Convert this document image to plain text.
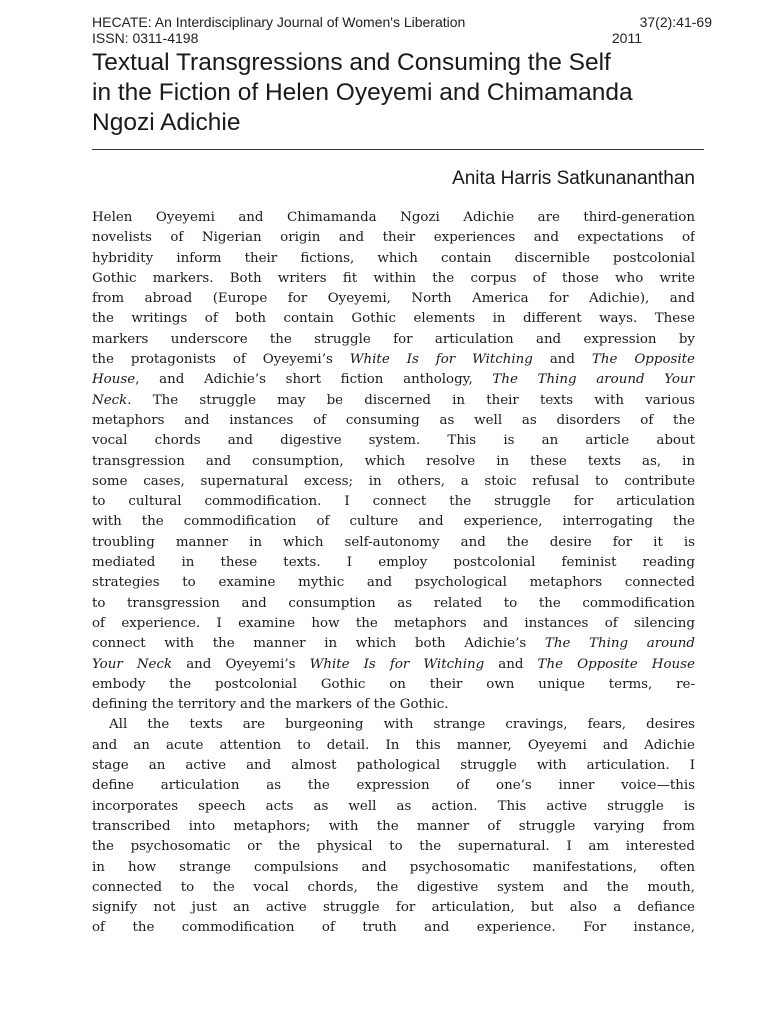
HECATE: An Interdisciplinary Journal of Women's Liberation	37(2):41-69
ISSN: 0311-4198	2011
Textual Transgressions and Consuming the Self
in the Fiction of Helen Oyeyemi and Chimamanda
Ngozi Adichie
Anita Harris Satkunananthan
Helen Oyeyemi and Chimamanda Ngozi Adichie are third-generation
novelists of Nigerian origin and their experiences and expectations of
hybridity inform their fictions, which contain discernible postcolonial
Gothic markers. Both writers fit within the corpus of those who write
from abroad (Europe for Oyeyemi, North America for Adichie), and
the writings of both contain Gothic elements in different ways. These
markers underscore the struggle for articulation and expression by
the protagonists of Oyeyemi’s White Is for Witching and The Opposite
House, and Adichie’s short fiction anthology, The Thing around Your
Neck. The struggle may be discerned in their texts with various
metaphors and instances of consuming as well as disorders of the
vocal chords and digestive system. This is an article about
transgression and consumption, which resolve in these texts as, in
some cases, supernatural excess; in others, a stoic refusal to contribute
to cultural commodification. I connect the struggle for articulation
with the commodification of culture and experience, interrogating the
troubling manner in which self-autonomy and the desire for it is
mediated in these texts. I employ postcolonial feminist reading
strategies to examine mythic and psychological metaphors connected
to transgression and consumption as related to the commodification
of experience. I examine how the metaphors and instances of silencing
connect with the manner in which both Adichie’s The Thing around
Your Neck and Oyeyemi’s White Is for Witching and The Opposite House
embody the postcolonial Gothic on their own unique terms, re-
defining the territory and the markers of the Gothic.
All the texts are burgeoning with strange cravings, fears, desires
and an acute attention to detail. In this manner, Oyeyemi and Adichie
stage an active and almost pathological struggle with articulation. I
define articulation as the expression of one’s inner voice—this
incorporates speech acts as well as action. This active struggle is
transcribed into metaphors; with the manner of struggle varying from
the psychosomatic or the physical to the supernatural. I am interested
in how strange compulsions and psychosomatic manifestations, often
connected to the vocal chords, the digestive system and the mouth,
signify not just an active struggle for articulation, but also a defiance
of the commodification of truth and experience. For instance,
